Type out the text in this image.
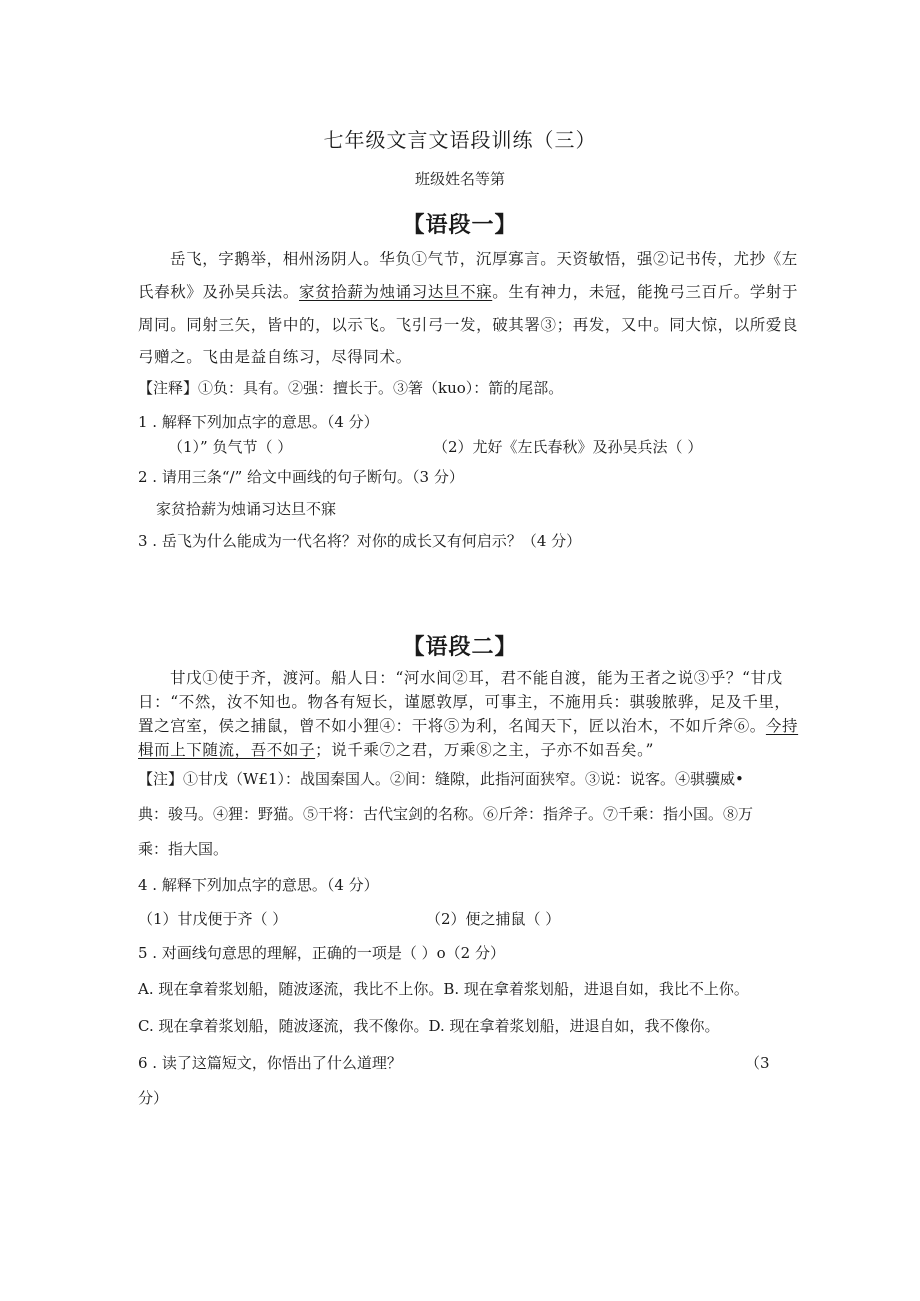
七年级文言文语段训练（三）
班级姓名等第
【语段一】
岳飞，字鹅举，相州汤阴人。华负①气节，沉厚寡言。天资敏悟，强②记书传，尤抄《左
氏春秋》及孙吴兵法。家贫拾薪为烛诵习达旦不寐。生有神力，未冠，能挽弓三百斤。学射于
周同。同射三矢，皆中的，以示飞。飞引弓一发，破其署③；再发，又中。同大惊，以所爱良
弓赠之。飞由是益自练习，尽得同术。
【注释】①负：具有。②强：擅长于。③箸（kuo）：箭的尾部。
1 . 解释下列加点字的意思。（4 分）
（1）” 负气节（ ）	（2）尤好《左氏春秋》及孙吴兵法（ ）
2 . 请用三条“/” 给文中画线的句子断句。（3 分）
家贫拾薪为烛诵习达旦不寐
3 . 岳飞为什么能成为一代名将？对你的成长又有何启示？（4 分）
【语段二】
甘戊①使于齐，渡河。船人日：“河水间②耳，君不能自渡，能为王者之说③乎？“甘戊
日：“不然，汝不知也。物各有短长，谨愿敦厚，可事主，不施用兵：骐骏脓骅，足及千里，
置之宫室，侯之捕鼠，曾不如小狸④：干将⑤为利，名闻天下，匠以治木，不如斤斧⑥。今持
楫而上下随流，吾不如子；说千乘⑦之君，万乘⑧之主，子亦不如吾矣。”
【注】①甘戊（W£1）：战国秦国人。②间：缝隙，此指河面狭窄。③说：说客。④骐骥威•
典：骏马。④狸：野猫。⑤干将：古代宝剑的名称。⑥斤斧：指斧子。⑦千乘：指小国。⑧万
乘：指大国。
4 . 解释下列加点字的意思。（4 分）
（1）甘戊便于齐（ ）	（2）便之捕鼠（ ）
5 . 对画线句意思的理解，正确的一项是（ ）o（2 分）
A. 现在拿着浆划船，随波逐流，我比不上你。B. 现在拿着浆划船，进退自如，我比不上你。
C. 现在拿着浆划船，随波逐流，我不像你。D. 现在拿着浆划船，进退自如，我不像你。
6 . 读了这篇短文，你悟出了什么道理？	（3
分）
